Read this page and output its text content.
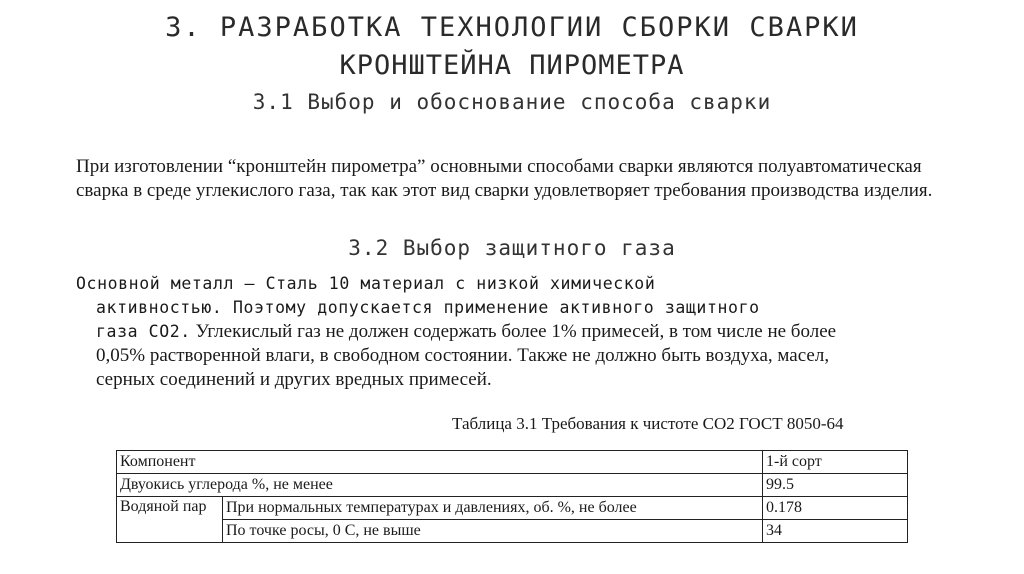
3. РАЗРАБОТКА ТЕХНОЛОГИИ СБОРКИ СВАРКИ
КРОНШТЕЙНА ПИРОМЕТРА
3.1 Выбор и обоснование способа сварки
При изготовлении “кронштейн пирометра” основными способами сварки являются полуавтоматическая сварка в среде углекислого газа, так как этот вид сварки удовлетворяет требования производства изделия.
3.2 Выбор защитного газа
Основной металл – Сталь 10 материал с низкой химической
активностью. Поэтому допускается применение активного защитного
газа СО2. Углекислый газ не должен содержать более 1% примесей, в том числе не более
0,05% растворенной влаги, в свободном состоянии. Также не должно быть воздуха, масел,
серных соединений и других вредных примесей.
Таблица 3.1 Требования к чистоте СО2 ГОСТ 8050-64
Компонент		1-й сорт
Двуокись углерода %, не менее		99.5
Водяной пар	При нормальных температурах и давлениях, об. %, не более	0.178
	По точке росы, 0 С, не выше	34
